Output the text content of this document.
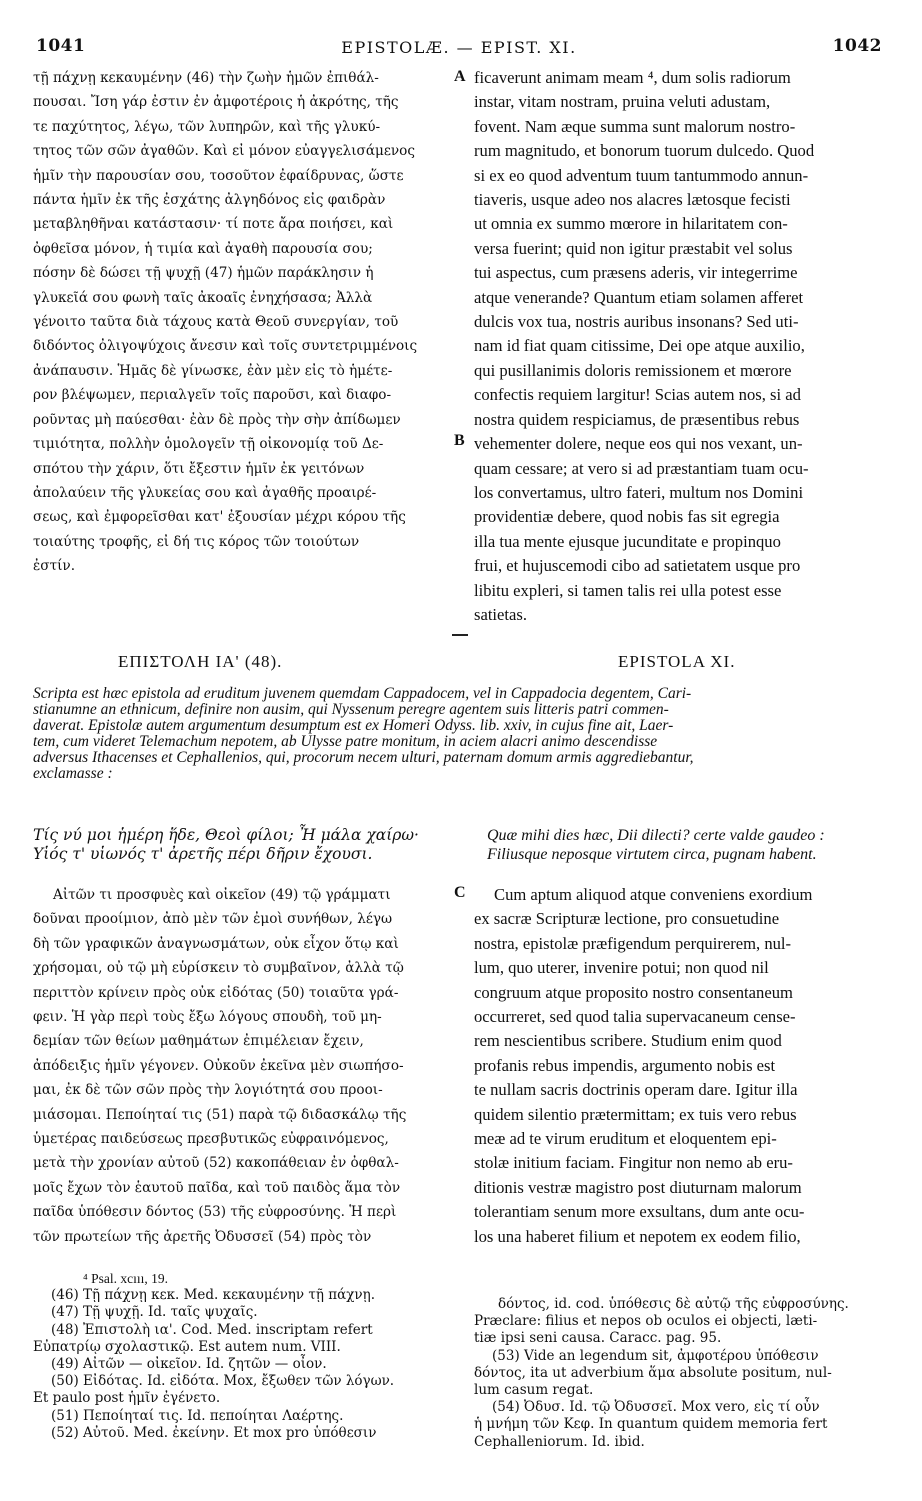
1041	EPISTOLÆ. — EPIST. XI.	1042
τῇ πάχνῃ κεκαυμένην (46) τὴν ζωὴν ἡμῶν ἐπιθάλ-
πουσαι. Ἴση γάρ ἐστιν ἐν ἀμφοτέροις ἡ ἀκρότης, τῆς
τε παχύτητος, λέγω, τῶν λυπηρῶν, καὶ τῆς γλυκύ-
τητος τῶν σῶν ἀγαθῶν. Καὶ εἰ μόνον εὐαγγελισάμενος
ἡμῖν τὴν παρουσίαν σου, τοσοῦτον ἐφαίδρυνας, ὥστε
πάντα ἡμῖν ἐκ τῆς ἐσχάτης ἀλγηδόνος εἰς φαιδρὰν
μεταβληθῆναι κατάστασιν· τί ποτε ἄρα ποιήσει, καὶ
ὀφθεῖσα μόνον, ἡ τιμία καὶ ἀγαθὴ παρουσία σου;
πόσην δὲ δώσει τῇ ψυχῇ (47) ἡμῶν παράκλησιν ἡ
γλυκεῖά σου φωνὴ ταῖς ἀκοαῖς ἐνηχήσασα; Ἀλλὰ
γένοιτο ταῦτα διὰ τάχους κατὰ Θεοῦ συνεργίαν, τοῦ
διδόντος ὀλιγοψύχοις ἄνεσιν καὶ τοῖς συντετριμμένοις
ἀνάπαυσιν. Ἡμᾶς δὲ γίνωσκε, ἐὰν μὲν εἰς τὸ ἡμέτε-
ρον βλέψωμεν, περιαλγεῖν τοῖς παροῦσι, καὶ διαφο-
ροῦντας μὴ παύεσθαι· ἐὰν δὲ πρὸς τὴν σὴν ἀπίδωμεν
τιμιότητα, πολλὴν ὁμολογεῖν τῇ οἰκονομίᾳ τοῦ Δε-
σπότου τὴν χάριν, ὅτι ἔξεστιν ἡμῖν ἐκ γειτόνων
ἀπολαύειν τῆς γλυκείας σου καὶ ἀγαθῆς προαιρέ-
σεως, καὶ ἐμφορεῖσθαι κατ' ἐξουσίαν μέχρι κόρου τῆς
τοιαύτης τροφῆς, εἰ δή τις κόρος τῶν τοιούτων
ἐστίν.
A
B
ficaverunt animam meam ⁴, dum solis radiorum
instar, vitam nostram, pruina veluti adustam,
fovent. Nam æque summa sunt malorum nostro-
rum magnitudo, et bonorum tuorum dulcedo. Quod
si ex eo quod adventum tuum tantummodo annun-
tiaveris, usque adeo nos alacres lætosque fecisti
ut omnia ex summo mœrore in hilaritatem con-
versa fuerint; quid non igitur præstabit vel solus
tui aspectus, cum præsens aderis, vir integerrime
atque venerande? Quantum etiam solamen afferet
dulcis vox tua, nostris auribus insonans? Sed uti-
nam id fiat quam citissime, Dei ope atque auxilio,
qui pusillanimis doloris remissionem et mœrore
confectis requiem largitur! Scias autem nos, si ad
nostra quidem respiciamus, de præsentibus rebus
vehementer dolere, neque eos qui nos vexant, un-
quam cessare; at vero si ad præstantiam tuam ocu-
los convertamus, ultro fateri, multum nos Domini
providentiæ debere, quod nobis fas sit egregia
illa tua mente ejusque jucunditate e propinquo
frui, et hujuscemodi cibo ad satietatem usque pro
libitu expleri, si tamen talis rei ulla potest esse
satietas.
ΕΠΙΣΤΟΛΗ ΙΑ' (48).	EPISTOLA XI.
Scripta est hæc epistola ad eruditum juvenem quemdam Cappadocem, vel in Cappadocia degentem, Cari-
stianumne an ethnicum, definire non ausim, qui Nyssenum peregre agentem suis litteris patri commen-
daverat. Epistolæ autem argumentum desumptum est ex Homeri Odyss. lib. xxiv, in cujus fine ait, Laer-
tem, cum videret Telemachum nepotem, ab Ulysse patre monitum, in aciem alacri animo descendisse
adversus Ithacenses et Cephallenios, qui, procorum necem ulturi, paternam domum armis aggrediebantur,
exclamasse :
Τίς νύ μοι ἡμέρη ἥδε, Θεοὶ φίλοι; Ἦ μάλα χαίρω·
Υἱός τ' υἱωνός τ' ἀρετῆς πέρι δῆριν ἔχουσι.
Quæ mihi dies hæc, Dii dilecti? certe valde gaudeo :
Filiusque neposque virtutem circa, pugnam habent.
Αἰτῶν τι προσφυὲς καὶ οἰκεῖον (49) τῷ γράμματι
δοῦναι προοίμιον, ἀπὸ μὲν τῶν ἐμοὶ συνήθων, λέγω
δὴ τῶν γραφικῶν ἀναγνωσμάτων, οὐκ εἶχον ὅτῳ καὶ
χρήσομαι, οὐ τῷ μὴ εὑρίσκειν τὸ συμβαῖνον, ἀλλὰ τῷ
περιττὸν κρίνειν πρὸς οὐκ εἰδότας (50) τοιαῦτα γρά-
φειν. Ἡ γὰρ περὶ τοὺς ἔξω λόγους σπουδὴ, τοῦ μη-
δεμίαν τῶν θείων μαθημάτων ἐπιμέλειαν ἔχειν,
ἀπόδειξις ἡμῖν γέγονεν. Οὐκοῦν ἐκεῖνα μὲν σιωπήσο-
μαι, ἐκ δὲ τῶν σῶν πρὸς τὴν λογιότητά σου προοι-
μιάσομαι. Πεποίηταί τις (51) παρὰ τῷ διδασκάλῳ τῆς
ὑμετέρας παιδεύσεως πρεσβυτικῶς εὐφραινόμενος,
μετὰ τὴν χρονίαν αὐτοῦ (52) κακοπάθειαν ἐν ὀφθαλ-
μοῖς ἔχων τὸν ἑαυτοῦ παῖδα, καὶ τοῦ παιδὸς ἅμα τὸν
παῖδα ὑπόθεσιν δόντος (53) τῆς εὐφροσύνης. Ἡ περὶ
τῶν πρωτείων τῆς ἀρετῆς Ὀδυσσεῖ (54) πρὸς τὸν
C	Cum aptum aliquod atque conveniens exordium
ex sacræ Scripturæ lectione, pro consuetudine
nostra, epistolæ præfigendum perquirerem, nul-
lum, quo uterer, invenire potui; non quod nil
congruum atque proposito nostro consentaneum
occurreret, sed quod talia supervacaneum cense-
rem nescientibus scribere. Studium enim quod
profanis rebus impendis, argumento nobis est
te nullam sacris doctrinis operam dare. Igitur illa
quidem silentio prætermittam; ex tuis vero rebus
meæ ad te virum eruditum et eloquentem epi-
stolæ initium faciam. Fingitur non nemo ab eru-
ditionis vestræ magistro post diuturnam malorum
tolerantiam senum more exsultans, dum ante ocu-
los una haberet filium et nepotem ex eodem filio,
⁴ Psal. xcııı, 19.
(46) Τῇ πάχνῃ κεκ. Med. κεκαυμένην τῇ πάχνῃ.
(47) Τῇ ψυχῇ. Id. ταῖς ψυχαῖς.
(48) Ἐπιστολὴ ια'. Cod. Med. inscriptam refert
Εὐπατρίῳ σχολαστικῷ. Est autem num. VIII.
(49) Αἰτῶν — οἰκεῖον. Id. ζητῶν — οἶον.
(50) Εἰδότας. Id. εἰδότα. Mox, ἔξωθεν τῶν λόγων.
Et paulo post ἡμῖν ἐγένετο.
(51) Πεποίηταί τις. Id. πεποίηται Λαέρτης.
(52) Αὐτοῦ. Med. ἐκείνην. Et mox pro ὑπόθεσιν
δόντος, id. cod. ὑπόθεσις δὲ αὐτῷ τῆς εὐφροσύνης.
Præclare: filius et nepos ob oculos ei objecti, læti-
tiæ ipsi seni causa. Caracc. pag. 95.
(53) Vide an legendum sit, ἀμφοτέρου ὑπόθεσιν
δόντος, ita ut adverbium ἅμα absolute positum, nul-
lum casum regat.
(54) Ὀδυσ. Id. τῷ Ὀδυσσεῖ. Mox vero, εἰς τί οὖν
ἡ μνήμη τῶν Κεφ. In quantum quidem memoria fert
Cephalleniorum. Id. ibid.
